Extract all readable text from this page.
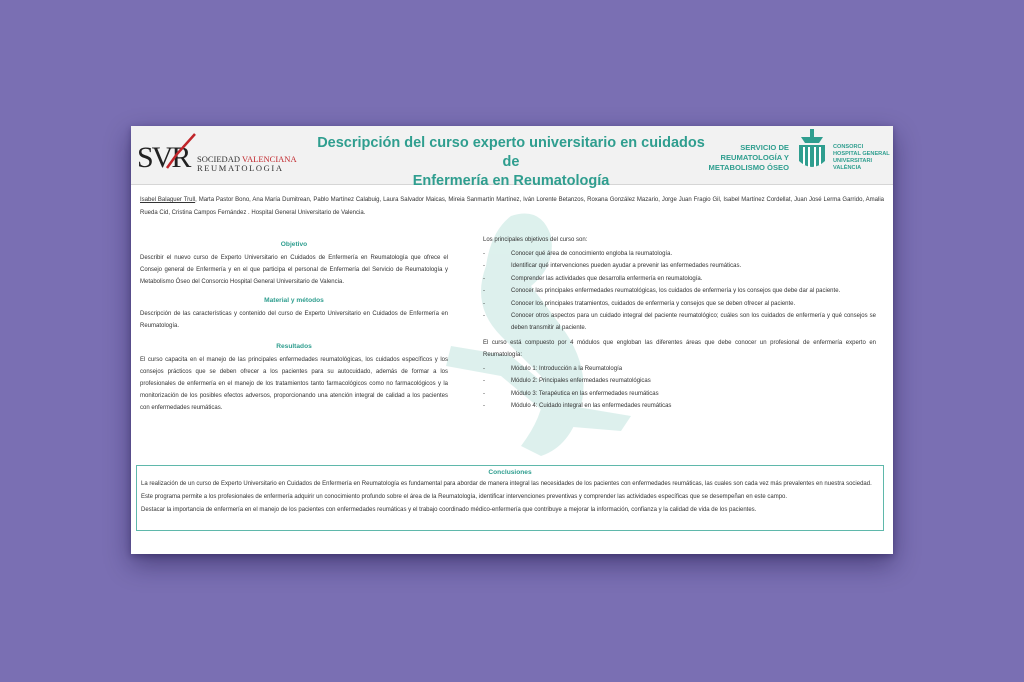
SVR SOCIEDAD VALENCIANA
REUMATOLOGIA
Descripción del curso experto universitario en cuidados de
Enfermería en Reumatología
SERVICIO DE
REUMATOLOGÍA Y
METABOLISMO ÓSEO
CONSORCI
HOSPITAL GENERAL
UNIVERSITARI
VALÈNCIA
Isabel Balaguer Trull, Marta Pastor Bono, Ana María Dumitrean, Pablo Martínez Calabuig, Laura Salvador Maicas, Mireia Sanmartín Martínez, Iván Lorente Betanzos, Roxana González Mazario, Jorge Juan Fragio Gil, Isabel Martínez Cordellat, Juan José Lerma Garrido, Amalia Rueda Cid, Cristina Campos Fernández . Hospital General Universitario de Valencia.
Objetivo

Describir el nuevo curso de Experto Universitario en Cuidados de Enfermería en Reumatología que ofrece el Consejo general de Enfermería y en el que participa el personal de Enfermería del Servicio de Reumatología y Metabolismo Óseo del Consorcio Hospital General Universitario de Valencia.

Material y métodos

Descripción de las características y contenido del curso de Experto Universitario en Cuidados de Enfermería en Reumatología.

Resultados

El curso capacita en el manejo de las principales enfermedades reumatológicas, los cuidados específicos y los consejos prácticos que se deben ofrecer a los pacientes para su autocuidado, además de formar a los profesionales de enfermería en el manejo de los tratamientos tanto farmacológicos como no farmacológicos y la monitorización de los posibles efectos adversos, proporcionando una atención integral de calidad a los pacientes con enfermedades reumáticas.

Los principales objetivos del curso son:

-	Conocer qué área de conocimiento engloba la reumatología.
-	Identificar qué intervenciones pueden ayudar a prevenir las enfermedades reumáticas.
-	Comprender las actividades que desarrolla enfermería en reumatología.
-	Conocer las principales enfermedades reumatológicas, los cuidados de enfermería y los consejos que debe dar al paciente.
-	Conocer los principales tratamientos, cuidados de enfermería y consejos que se deben ofrecer al paciente.
-	Conocer otros aspectos para un cuidado integral del paciente reumatológico; cuáles son los cuidados de enfermería y qué consejos se deben transmitir al paciente.

El curso está compuesto por 4 módulos que engloban las diferentes áreas que debe conocer un profesional de enfermería experto en Reumatología:

-	Módulo 1: Introducción a la Reumatología
-	Módulo 2: Principales enfermedades reumatológicas
-	Módulo 3: Terapéutica en las enfermedades reumáticas
-	Módulo 4: Cuidado integral en las enfermedades reumáticas
Conclusiones

La realización de un curso de Experto Universitario en Cuidados de Enfermería en Reumatología es fundamental para abordar de manera integral las necesidades de los pacientes con enfermedades reumáticas, las cuales son cada vez más prevalentes en nuestra sociedad.

Este programa permite a los profesionales de enfermería adquirir un conocimiento profundo sobre el área de la Reumatología, identificar intervenciones preventivas y comprender las actividades específicas que se desempeñan en este campo.

Destacar la importancia de enfermería en el manejo de los pacientes con enfermedades reumáticas y el trabajo coordinado médico-enfermería que contribuye a mejorar la información, confianza y la calidad de vida de los pacientes.
